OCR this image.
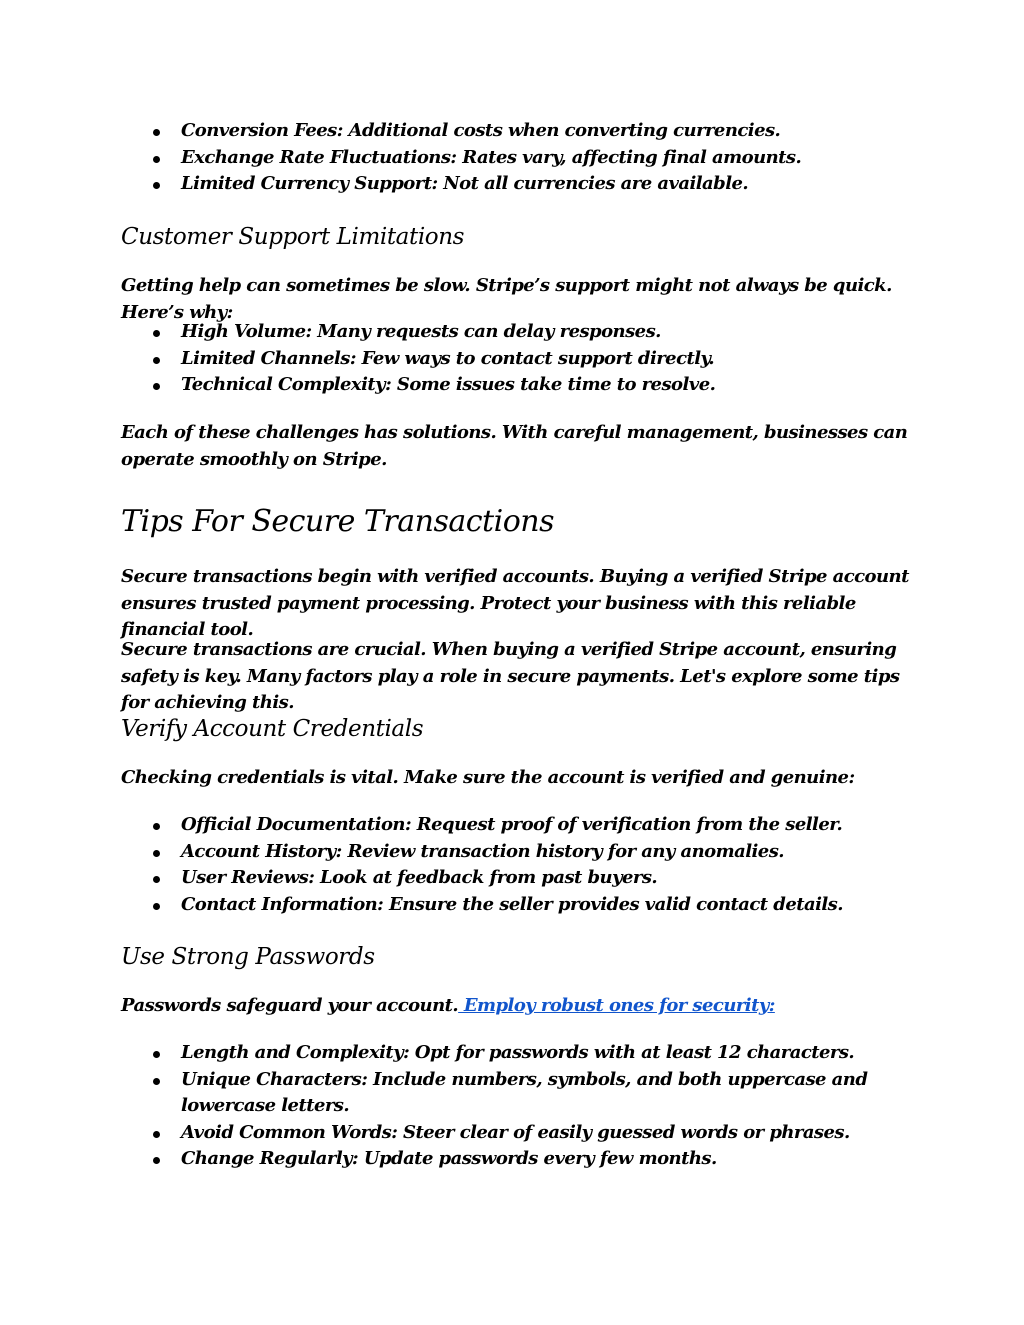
Conversion Fees: Additional costs when converting currencies.
Exchange Rate Fluctuations: Rates vary, affecting final amounts.
Limited Currency Support: Not all currencies are available.
Customer Support Limitations

Getting help can sometimes be slow. Stripe’s support might not always be quick. Here’s why:

High Volume: Many requests can delay responses.
Limited Channels: Few ways to contact support directly.
Technical Complexity: Some issues take time to resolve.

Each of these challenges has solutions. With careful management, businesses can operate smoothly on Stripe.

Tips For Secure Transactions

Secure transactions begin with verified accounts. Buying a verified Stripe account ensures trusted payment processing. Protect your business with this reliable financial tool.

Secure transactions are crucial. When buying a verified Stripe account, ensuring safety is key. Many factors play a role in secure payments. Let's explore some tips for achieving this.

Verify Account Credentials

Checking credentials is vital. Make sure the account is verified and genuine:

Official Documentation: Request proof of verification from the seller.
Account History: Review transaction history for any anomalies.
User Reviews: Look at feedback from past buyers.
Contact Information: Ensure the seller provides valid contact details.
Use Strong Passwords

Passwords safeguard your account. Employ robust ones for security:

Length and Complexity: Opt for passwords with at least 12 characters.
Unique Characters: Include numbers, symbols, and both uppercase and lowercase letters.
Avoid Common Words: Steer clear of easily guessed words or phrases.
Change Regularly: Update passwords every few months.
